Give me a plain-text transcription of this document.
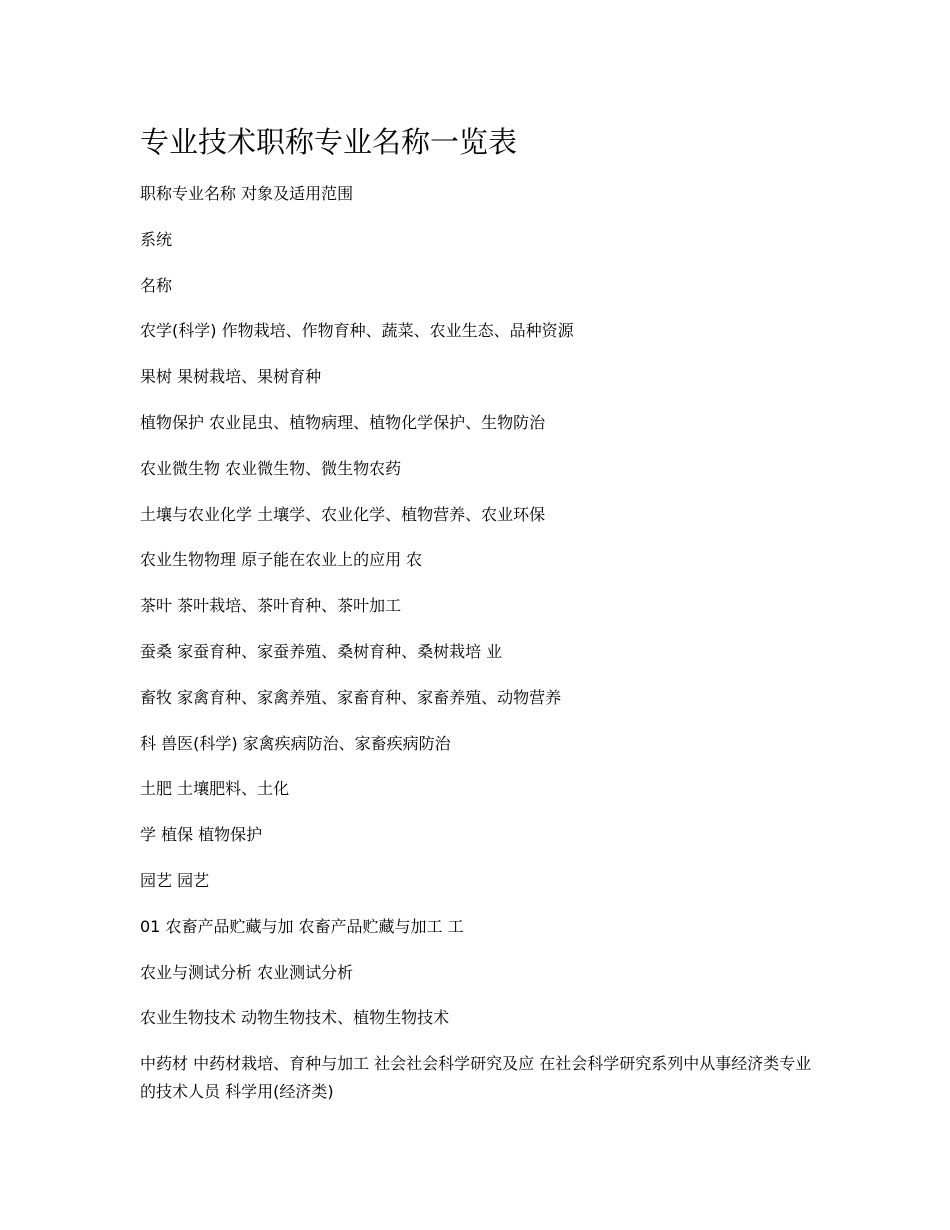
专业技术职称专业名称一览表
职称专业名称 对象及适用范围
系统
名称
农学(科学) 作物栽培、作物育种、蔬菜、农业生态、品种资源
果树 果树栽培、果树育种
植物保护 农业昆虫、植物病理、植物化学保护、生物防治
农业微生物 农业微生物、微生物农药
土壤与农业化学 土壤学、农业化学、植物营养、农业环保
农业生物物理 原子能在农业上的应用 农
茶叶 茶叶栽培、茶叶育种、茶叶加工
蚕桑 家蚕育种、家蚕养殖、桑树育种、桑树栽培 业
畜牧 家禽育种、家禽养殖、家畜育种、家畜养殖、动物营养
科 兽医(科学) 家禽疾病防治、家畜疾病防治
土肥 土壤肥料、土化
学 植保 植物保护
园艺 园艺
01 农畜产品贮藏与加 农畜产品贮藏与加工 工
农业与测试分析 农业测试分析
农业生物技术 动物生物技术、植物生物技术
中药材 中药材栽培、育种与加工 社会社会科学研究及应 在社会科学研究系列中从事经济类专业的技术人员 科学用(经济类)
